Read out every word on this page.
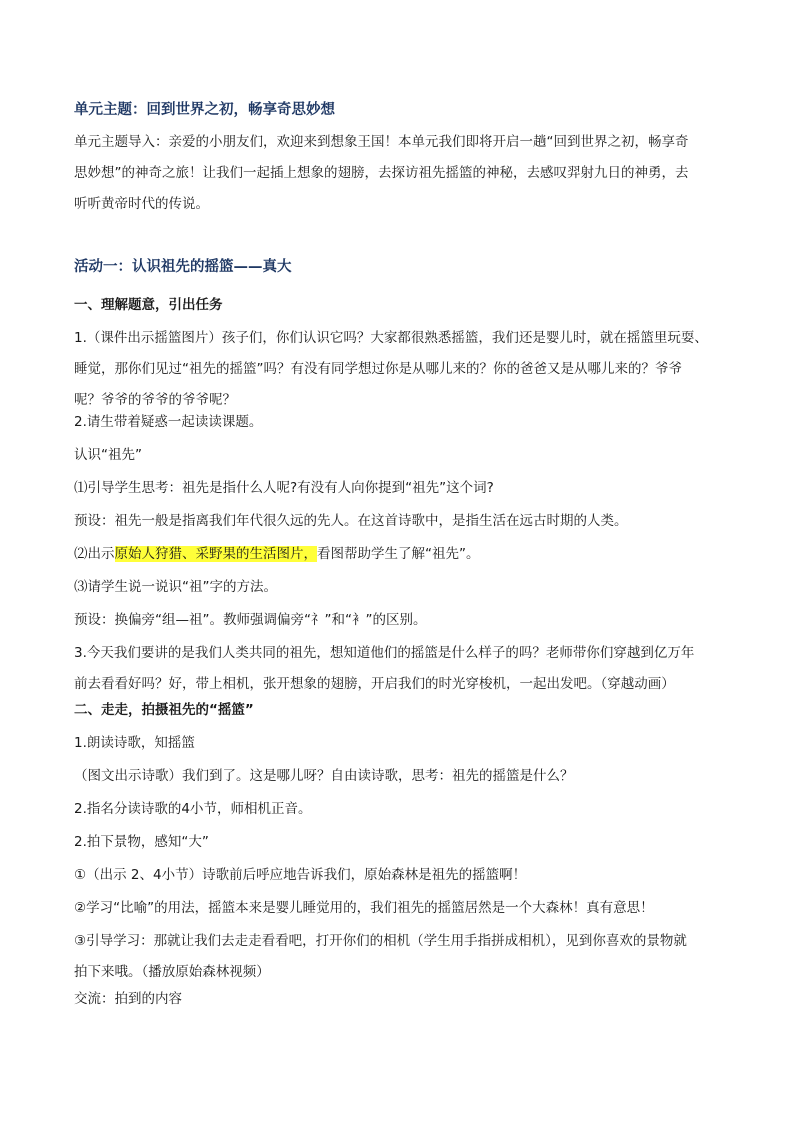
单元主题：回到世界之初，畅享奇思妙想
单元主题导入：亲爱的小朋友们，欢迎来到想象王国！本单元我们即将开启一趟“回到世界之初，畅享奇
思妙想”的神奇之旅！让我们一起插上想象的翅膀，去探访祖先摇篮的神秘，去感叹羿射九日的神勇，去
听听黄帝时代的传说。
活动一：认识祖先的摇篮——真大
一、理解题意，引出任务
1.（课件出示摇篮图片）孩子们，你们认识它吗？大家都很熟悉摇篮，我们还是婴儿时，就在摇篮里玩耍、
睡觉，那你们见过“祖先的摇篮”吗？有没有同学想过你是从哪儿来的？你的爸爸又是从哪儿来的？爷爷
呢？爷爷的爷爷的爷爷呢？
2.请生带着疑惑一起读读课题。
认识“祖先”
⑴引导学生思考：祖先是指什么人呢?有没有人向你提到“祖先”这个词?
预设：祖先一般是指离我们年代很久远的先人。在这首诗歌中，是指生活在远古时期的人类。
⑵出示原始人狩猎、采野果的生活图片，看图帮助学生了解“祖先”。
⑶请学生说一说识“祖”字的方法。
预设：换偏旁“组—祖”。教师强调偏旁“礻”和“衤”的区别。
3.今天我们要讲的是我们人类共同的祖先，想知道他们的摇篮是什么样子的吗？老师带你们穿越到亿万年
前去看看好吗？好，带上相机，张开想象的翅膀，开启我们的时光穿梭机，一起出发吧。（穿越动画）
二、走走，拍摄祖先的“摇篮”
1.朗读诗歌，知摇篮
（图文出示诗歌）我们到了。这是哪儿呀？自由读诗歌，思考：祖先的摇篮是什么？
2.指名分读诗歌的4小节，师相机正音。
2.拍下景物，感知“大”
①（出示 2、4小节）诗歌前后呼应地告诉我们，原始森林是祖先的摇篮啊！
②学习“比喻”的用法，摇篮本来是婴儿睡觉用的，我们祖先的摇篮居然是一个大森林！真有意思！
③引导学习：那就让我们去走走看看吧，打开你们的相机（学生用手指拼成相机），见到你喜欢的景物就
拍下来哦。（播放原始森林视频）
交流：拍到的内容
